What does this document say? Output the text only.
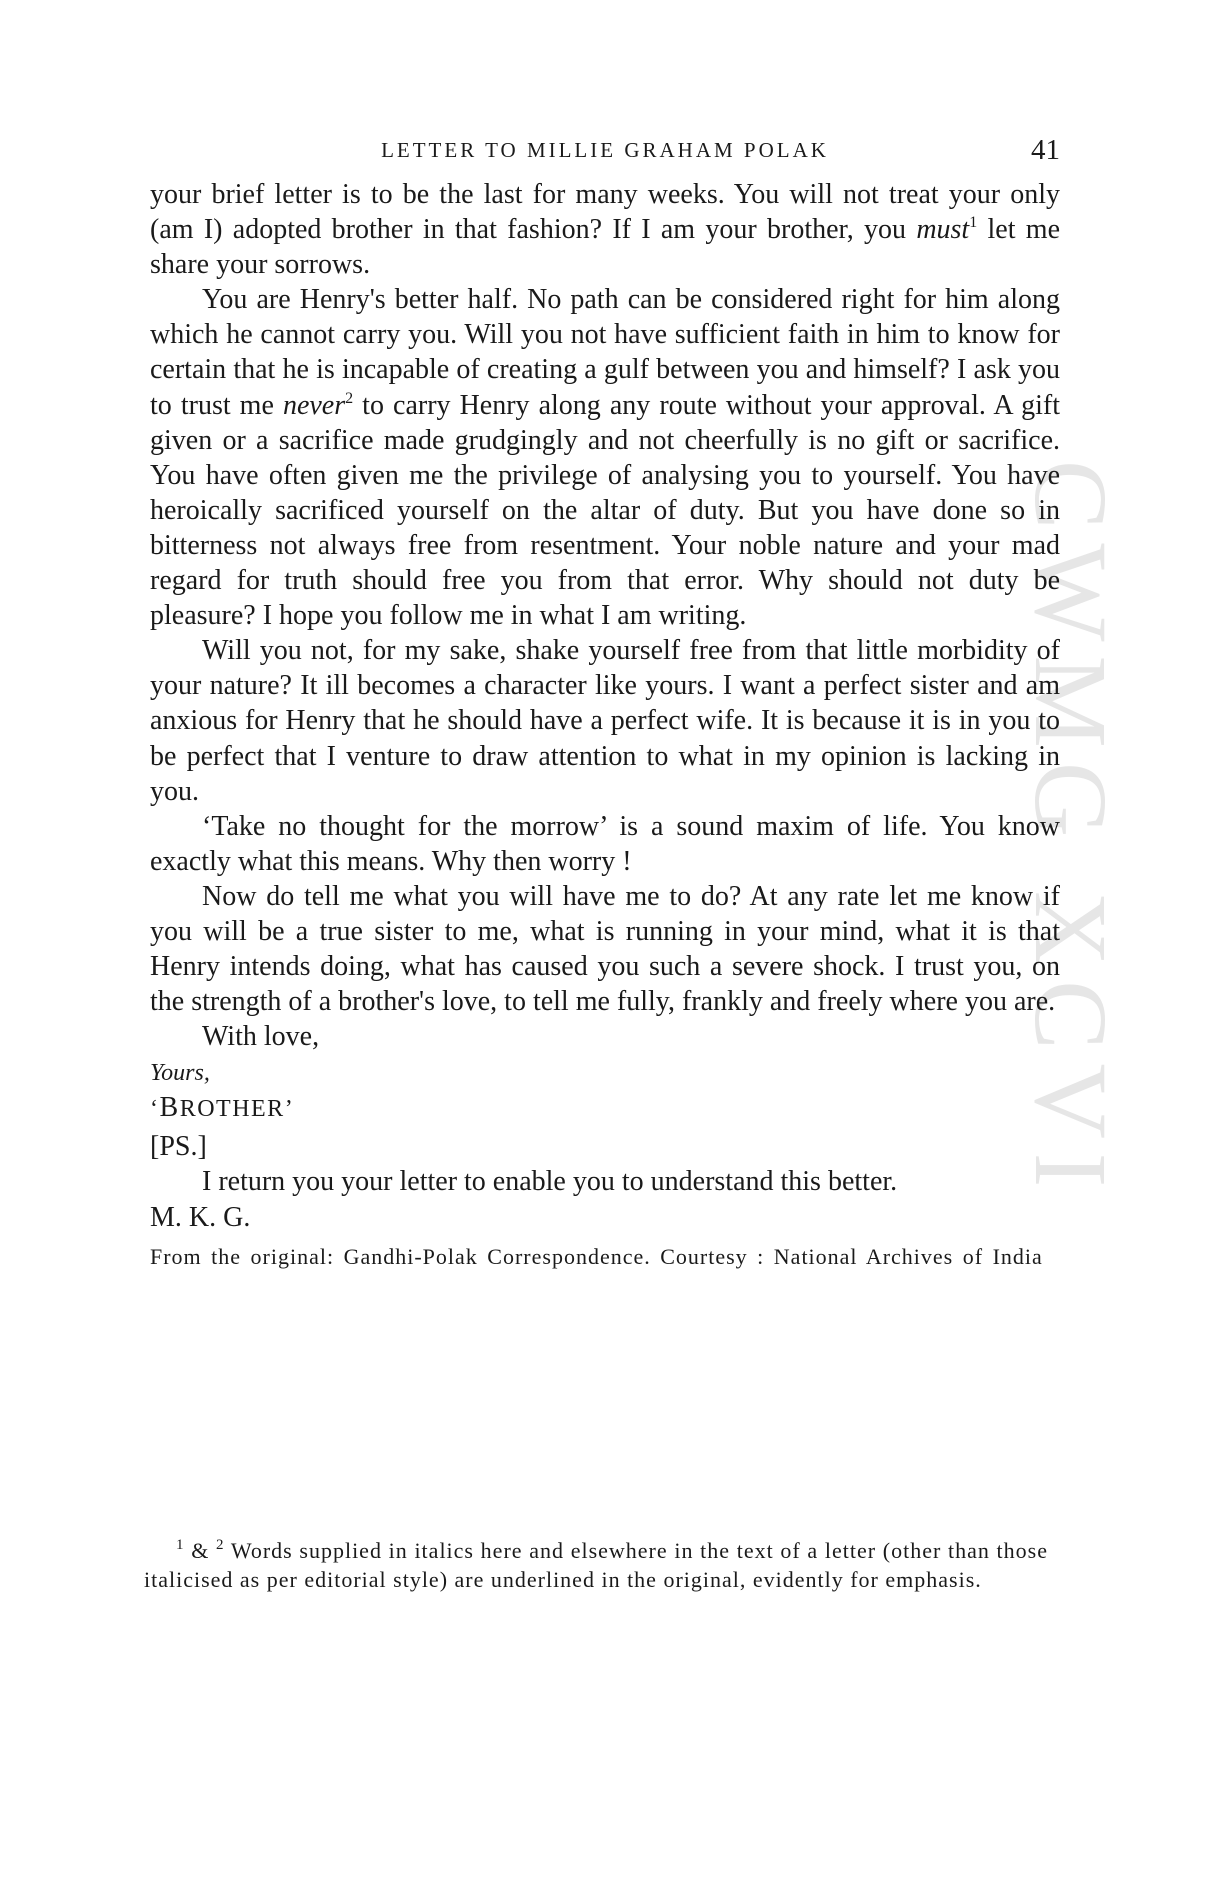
CWMG XCVI
LETTER TO MILLIE GRAHAM POLAK	41

your brief letter is to be the last for many weeks. You will not treat your only (am I) adopted brother in that fashion? If I am your brother, you must$^1$ let me share your sorrows.

You are Henry's better half. No path can be considered right for him along which he cannot carry you. Will you not have sufficient faith in him to know for certain that he is incapable of creating a gulf between you and himself? I ask you to trust me never$^2$ to carry Henry along any route without your approval. A gift given or a sacrifice made grudgingly and not cheerfully is no gift or sacrifice. You have often given me the privilege of analysing you to yourself. You have heroically sacrificed yourself on the altar of duty. But you have done so in bitterness not always free from resentment. Your noble nature and your mad regard for truth should free you from that error. Why should not duty be pleasure? I hope you follow me in what I am writing.

Will you not, for my sake, shake yourself free from that little morbidity of your nature? It ill becomes a character like yours. I want a perfect sister and am anxious for Henry that he should have a perfect wife. It is because it is in you to be perfect that I venture to draw attention to what in my opinion is lacking in you.

‘Take no thought for the morrow’ is a sound maxim of life. You know exactly what this means. Why then worry !

Now do tell me what you will have me to do? At any rate let me know if you will be a true sister to me, what is running in your mind, what it is that Henry intends doing, what has caused you such a severe shock. I trust you, on the strength of a brother's love, to tell me fully, frankly and freely where you are.

With love,

Yours,

‘BROTHER’

[PS.]

I return you your letter to enable you to understand this better.

M. K. G.

From the original: Gandhi-Polak Correspondence. Courtesy : National Archives of India

$^1$ & $^2$ Words supplied in italics here and elsewhere in the text of a letter (other than those italicised as per editorial style) are underlined in the original, evidently for emphasis.
